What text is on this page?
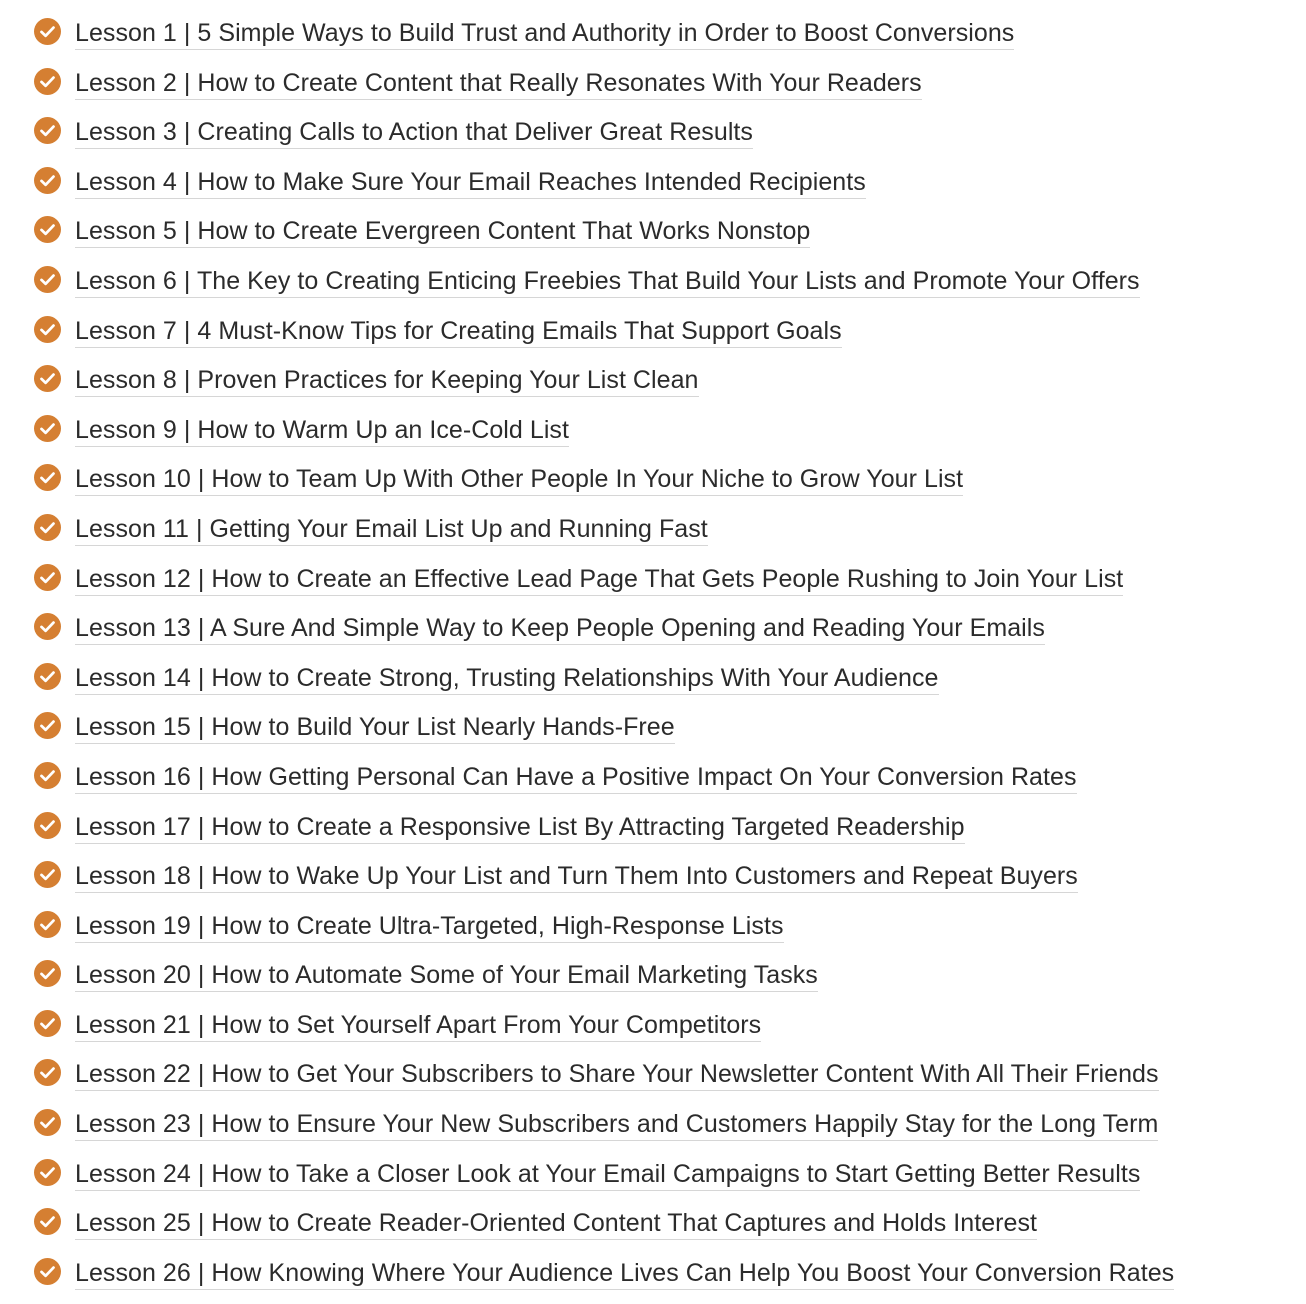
Lesson 1 | 5 Simple Ways to Build Trust and Authority in Order to Boost Conversions
Lesson 2 | How to Create Content that Really Resonates With Your Readers
Lesson 3 | Creating Calls to Action that Deliver Great Results
Lesson 4 | How to Make Sure Your Email Reaches Intended Recipients
Lesson 5 | How to Create Evergreen Content That Works Nonstop
Lesson 6 | The Key to Creating Enticing Freebies That Build Your Lists and Promote Your Offers
Lesson 7 | 4 Must-Know Tips for Creating Emails That Support Goals
Lesson 8 | Proven Practices for Keeping Your List Clean
Lesson 9 | How to Warm Up an Ice-Cold List
Lesson 10 | How to Team Up With Other People In Your Niche to Grow Your List
Lesson 11 | Getting Your Email List Up and Running Fast
Lesson 12 | How to Create an Effective Lead Page That Gets People Rushing to Join Your List
Lesson 13 | A Sure And Simple Way to Keep People Opening and Reading Your Emails
Lesson 14 | How to Create Strong, Trusting Relationships With Your Audience
Lesson 15 | How to Build Your List Nearly Hands-Free
Lesson 16 | How Getting Personal Can Have a Positive Impact On Your Conversion Rates
Lesson 17 | How to Create a Responsive List By Attracting Targeted Readership
Lesson 18 | How to Wake Up Your List and Turn Them Into Customers and Repeat Buyers
Lesson 19 | How to Create Ultra-Targeted, High-Response Lists
Lesson 20 | How to Automate Some of Your Email Marketing Tasks
Lesson 21 | How to Set Yourself Apart From Your Competitors
Lesson 22 | How to Get Your Subscribers to Share Your Newsletter Content With All Their Friends
Lesson 23 | How to Ensure Your New Subscribers and Customers Happily Stay for the Long Term
Lesson 24 | How to Take a Closer Look at Your Email Campaigns to Start Getting Better Results
Lesson 25 | How to Create Reader-Oriented Content That Captures and Holds Interest
Lesson 26 | How Knowing Where Your Audience Lives Can Help You Boost Your Conversion Rates
